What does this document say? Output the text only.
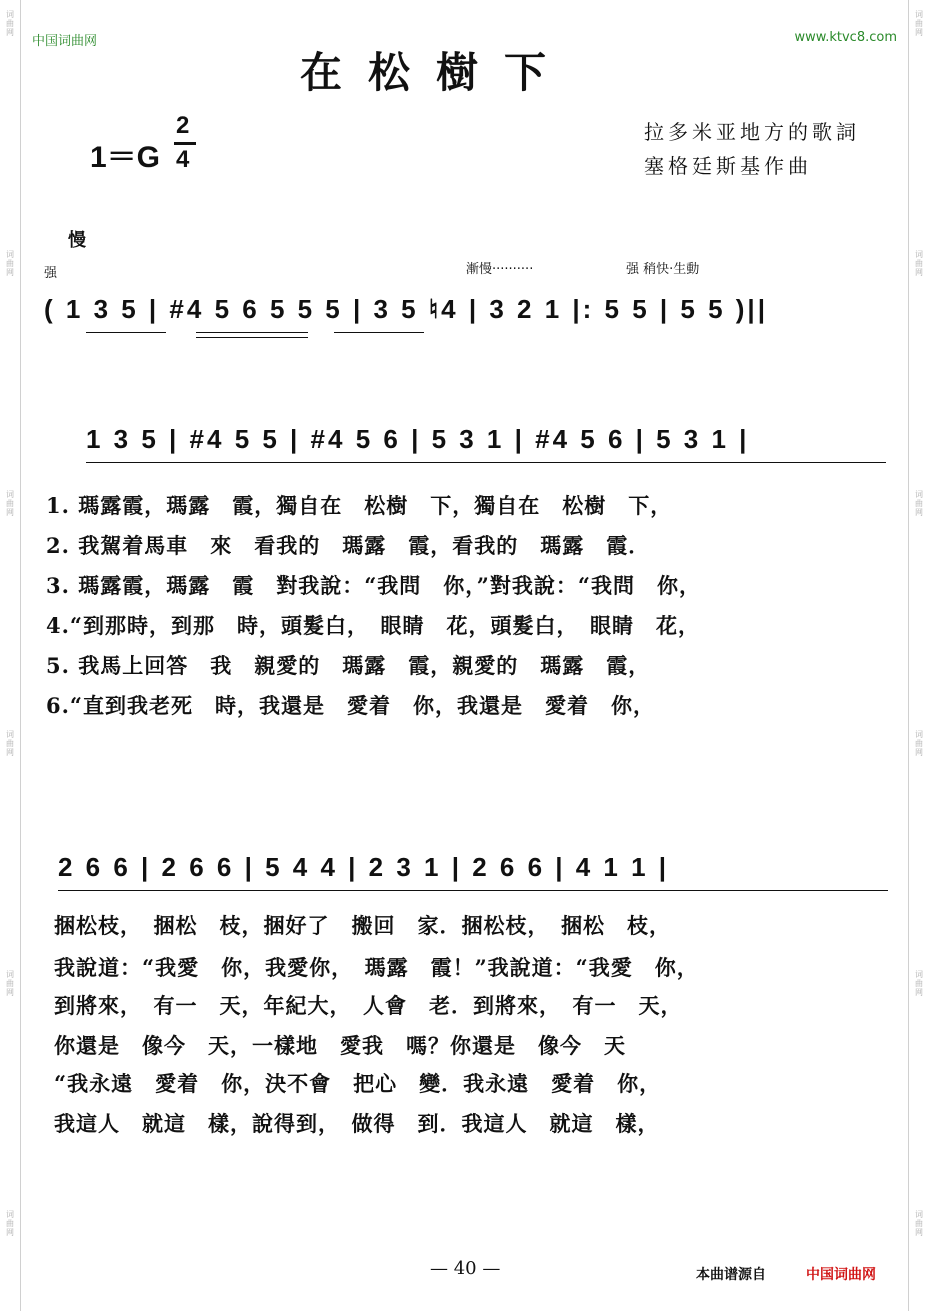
词曲网
词曲网
词曲网
词曲网
词曲网
词曲网
词曲网
词曲网
词曲网
词曲网
词曲网
词曲网
中国词曲网	www.ktvc8.com
在松樹下
1＝G
2
4
拉多米亚地方的歌詞
塞格廷斯基作曲
慢
强	漸慢··········	强 稍快·生動
( 1 3 5 | #4 5 6 5 5 5 | 3 5 ♮4 | 3 2 1 |: 5 5 | 5 5 )||
1 3 5 | #4 5 5 | #4 5 6 | 5 3 1 | #4 5 6 | 5 3 1 |
1. 瑪露霞，瑪露　霞，獨自在　松樹　下，獨自在　松樹　下，
2. 我駕着馬車　來　看我的　瑪露　霞，看我的　瑪露　霞．
3. 瑪露霞，瑪露　霞　對我說：“我問　你，”對我說：“我問　你，
4.“到那時，到那　時，頭髮白，　眼睛　花，頭髮白，　眼睛　花，
5. 我馬上回答　我　親愛的　瑪露　霞，親愛的　瑪露　霞，
6.“直到我老死　時，我還是　愛着　你，我還是　愛着　你，
2 6 6 | 2 6 6 | 5 4 4 | 2 3 1 | 2 6 6 | 4 1 1 |
捆松枝，　捆松　枝，捆好了　搬回　家．捆松枝，　捆松　枝，
我說道：“我愛　你，我愛你，　瑪露　霞！”我說道：“我愛　你，
到將來，　有一　天，年紀大，　人會　老．到將來，　有一　天，
你還是　像今　天，一樣地　愛我　嗎？你還是　像今　天
“我永遠　愛着　你，決不會　把心　變．我永遠　愛着　你，
我這人　就這　樣，說得到，　做得　到．我這人　就這　樣，
— 40 —	本曲谱源自	中国词曲网
